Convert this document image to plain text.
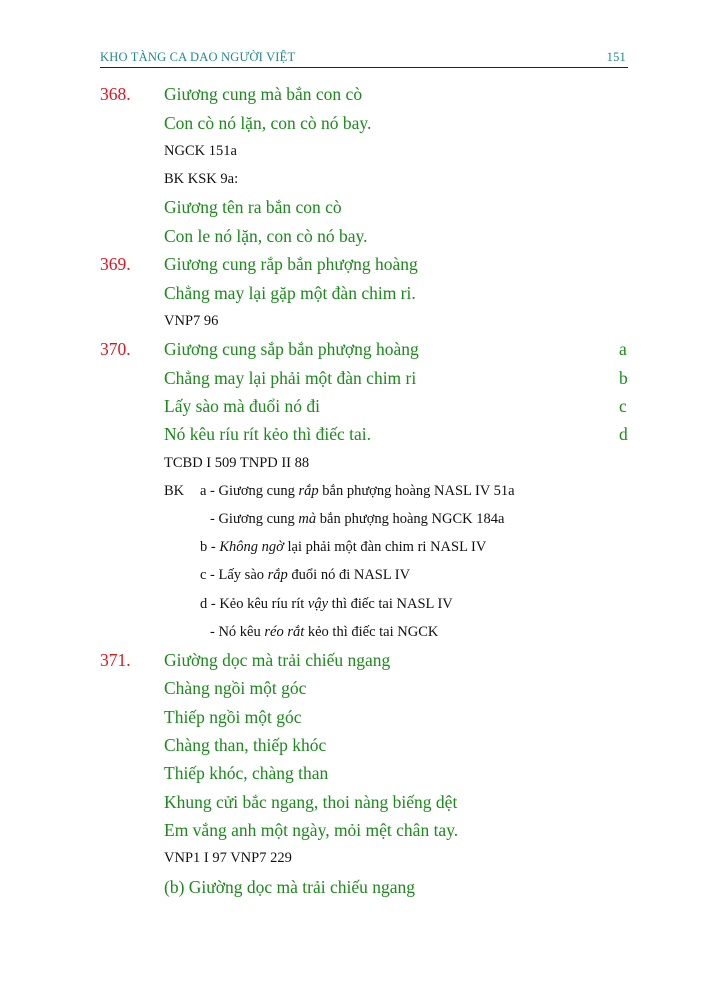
KHO TÀNG CA DAO NGƯỜI VIỆT	151
368. Giương cung mà bắn con cò
Con cò nó lặn, con cò nó bay.
NGCK 151a
BK KSK 9a:
Giương tên ra bắn con cò
Con le nó lặn, con cò nó bay.
369. Giương cung rắp bắn phượng hoàng
Chẳng may lại gặp một đàn chim ri.
VNP7 96
370. Giương cung sắp bắn phượng hoàng	a
Chẳng may lại phải một đàn chim ri	b
Lấy sào mà đuổi nó đi	c
Nó kêu ríu rít kẻo thì điếc tai.	d
TCBD I 509 TNPD II 88
BK a - Giương cung rắp bắn phượng hoàng NASL IV 51a
- Giương cung mà bắn phượng hoàng NGCK 184a
b - Không ngờ lại phải một đàn chim ri NASL IV
c - Lấy sào rắp đuổi nó đi NASL IV
d - Kẻo kêu ríu rít vậy thì điếc tai NASL IV
- Nó kêu réo rắt kẻo thì điếc tai NGCK
371. Giường dọc mà trải chiếu ngang
Chàng ngồi một góc
Thiếp ngồi một góc
Chàng than, thiếp khóc
Thiếp khóc, chàng than
Khung cửi bắc ngang, thoi nàng biếng dệt
Em vắng anh một ngày, mỏi mệt chân tay.
VNP1 I 97 VNP7 229
(b) Giường dọc mà trải chiếu ngang
